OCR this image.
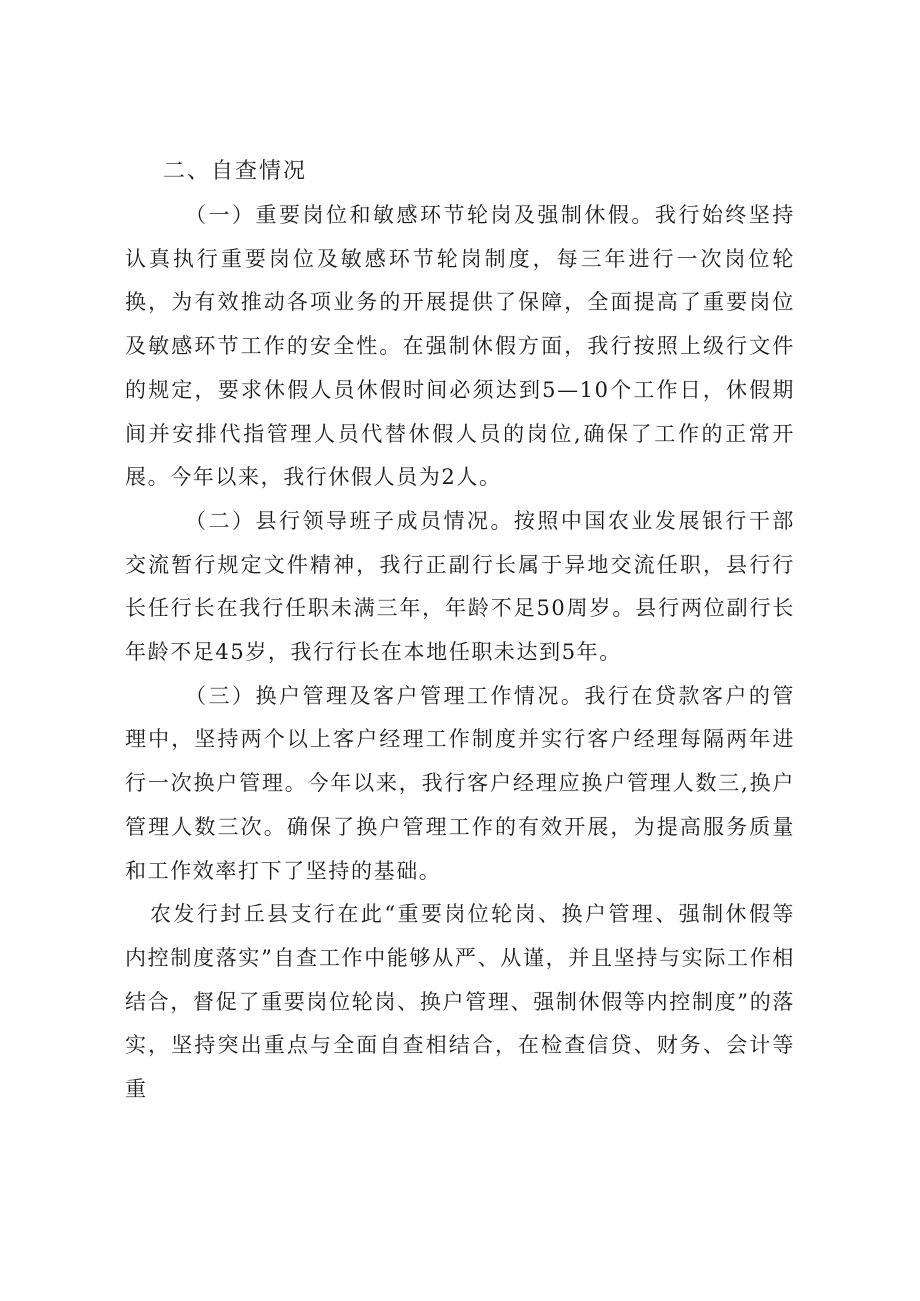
二、自查情况

（一）重要岗位和敏感环节轮岗及强制休假。我行始终坚持认真执行重要岗位及敏感环节轮岗制度，每三年进行一次岗位轮换，为有效推动各项业务的开展提供了保障，全面提高了重要岗位及敏感环节工作的安全性。在强制休假方面，我行按照上级行文件的规定，要求休假人员休假时间必须达到5—10个工作日，休假期间并安排代指管理人员代替休假人员的岗位,确保了工作的正常开展。今年以来，我行休假人员为2人。

（二）县行领导班子成员情况。按照中国农业发展银行干部交流暂行规定文件精神，我行正副行长属于异地交流任职，县行行长任行长在我行任职未满三年，年龄不足50周岁。县行两位副行长年龄不足45岁，我行行长在本地任职未达到5年。

（三）换户管理及客户管理工作情况。我行在贷款客户的管理中，坚持两个以上客户经理工作制度并实行客户经理每隔两年进行一次换户管理。今年以来，我行客户经理应换户管理人数三,换户管理人数三次。确保了换户管理工作的有效开展，为提高服务质量和工作效率打下了坚持的基础。

农发行封丘县支行在此“重要岗位轮岗、换户管理、强制休假等内控制度落实”自查工作中能够从严、从谨，并且坚持与实际工作相结合，督促了重要岗位轮岗、换户管理、强制休假等内控制度”的落实，坚持突出重点与全面自查相结合，在检查信贷、财务、会计等重
